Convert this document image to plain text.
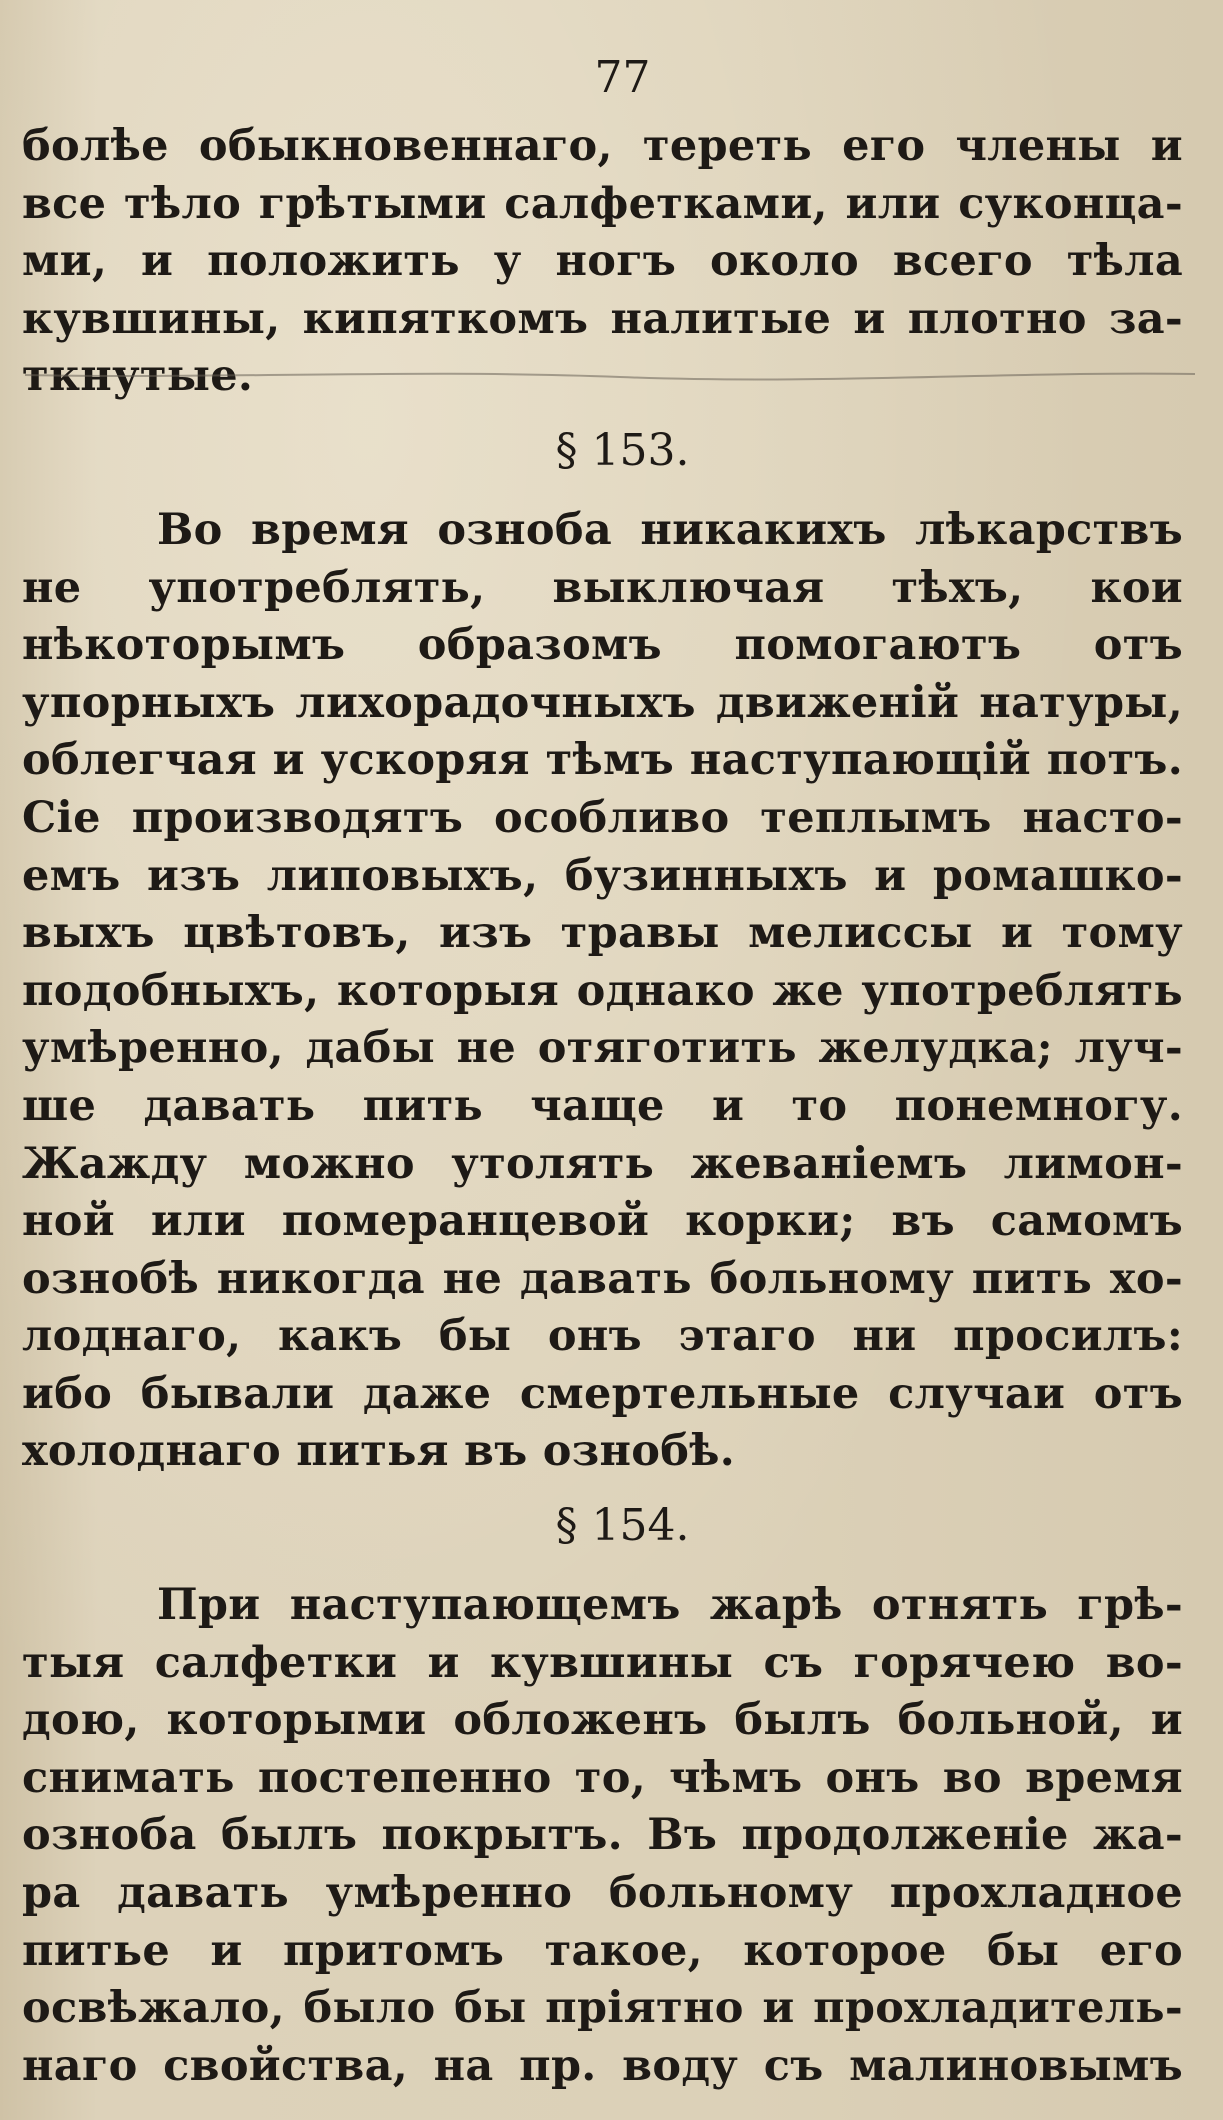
77
болѣе обыкновеннаго, тереть его члены и
все тѣло грѣтыми салфетками, или суконца-
ми, и положить у ногъ около всего тѣла
кувшины, кипяткомъ налитые и плотно за-
ткнутые.
§ 153.
Во время озноба никакихъ лѣкарствъ
не употреблять, выключая тѣхъ, кои
нѣкоторымъ образомъ помогаютъ отъ
упорныхъ лихорадочныхъ движеній натуры,
облегчая и ускоряя тѣмъ наступающій потъ.
Сіе производятъ особливо теплымъ насто-
емъ изъ липовыхъ, бузинныхъ и ромашко-
выхъ цвѣтовъ, изъ травы мелиссы и тому
подобныхъ, которыя однако же употреблять
умѣренно, дабы не отяготить желудка; луч-
ше давать пить чаще и то понемногу.
Жажду можно утолять жеваніемъ лимон-
ной или померанцевой корки; въ самомъ
ознобѣ никогда не давать больному пить хо-
лоднаго, какъ бы онъ этаго ни просилъ:
ибо бывали даже смертельные случаи отъ
холоднаго питья въ ознобѣ.
§ 154.
При наступающемъ жарѣ отнять грѣ-
тыя салфетки и кувшины съ горячею во-
дою, которыми обложенъ былъ больной, и
снимать постепенно то, чѣмъ онъ во время
озноба былъ покрытъ. Въ продолженіе жа-
ра давать умѣренно больному прохладное
питье и притомъ такое, которое бы его
освѣжало, было бы пріятно и прохладитель-
наго свойства, на пр. воду съ малиновымъ
